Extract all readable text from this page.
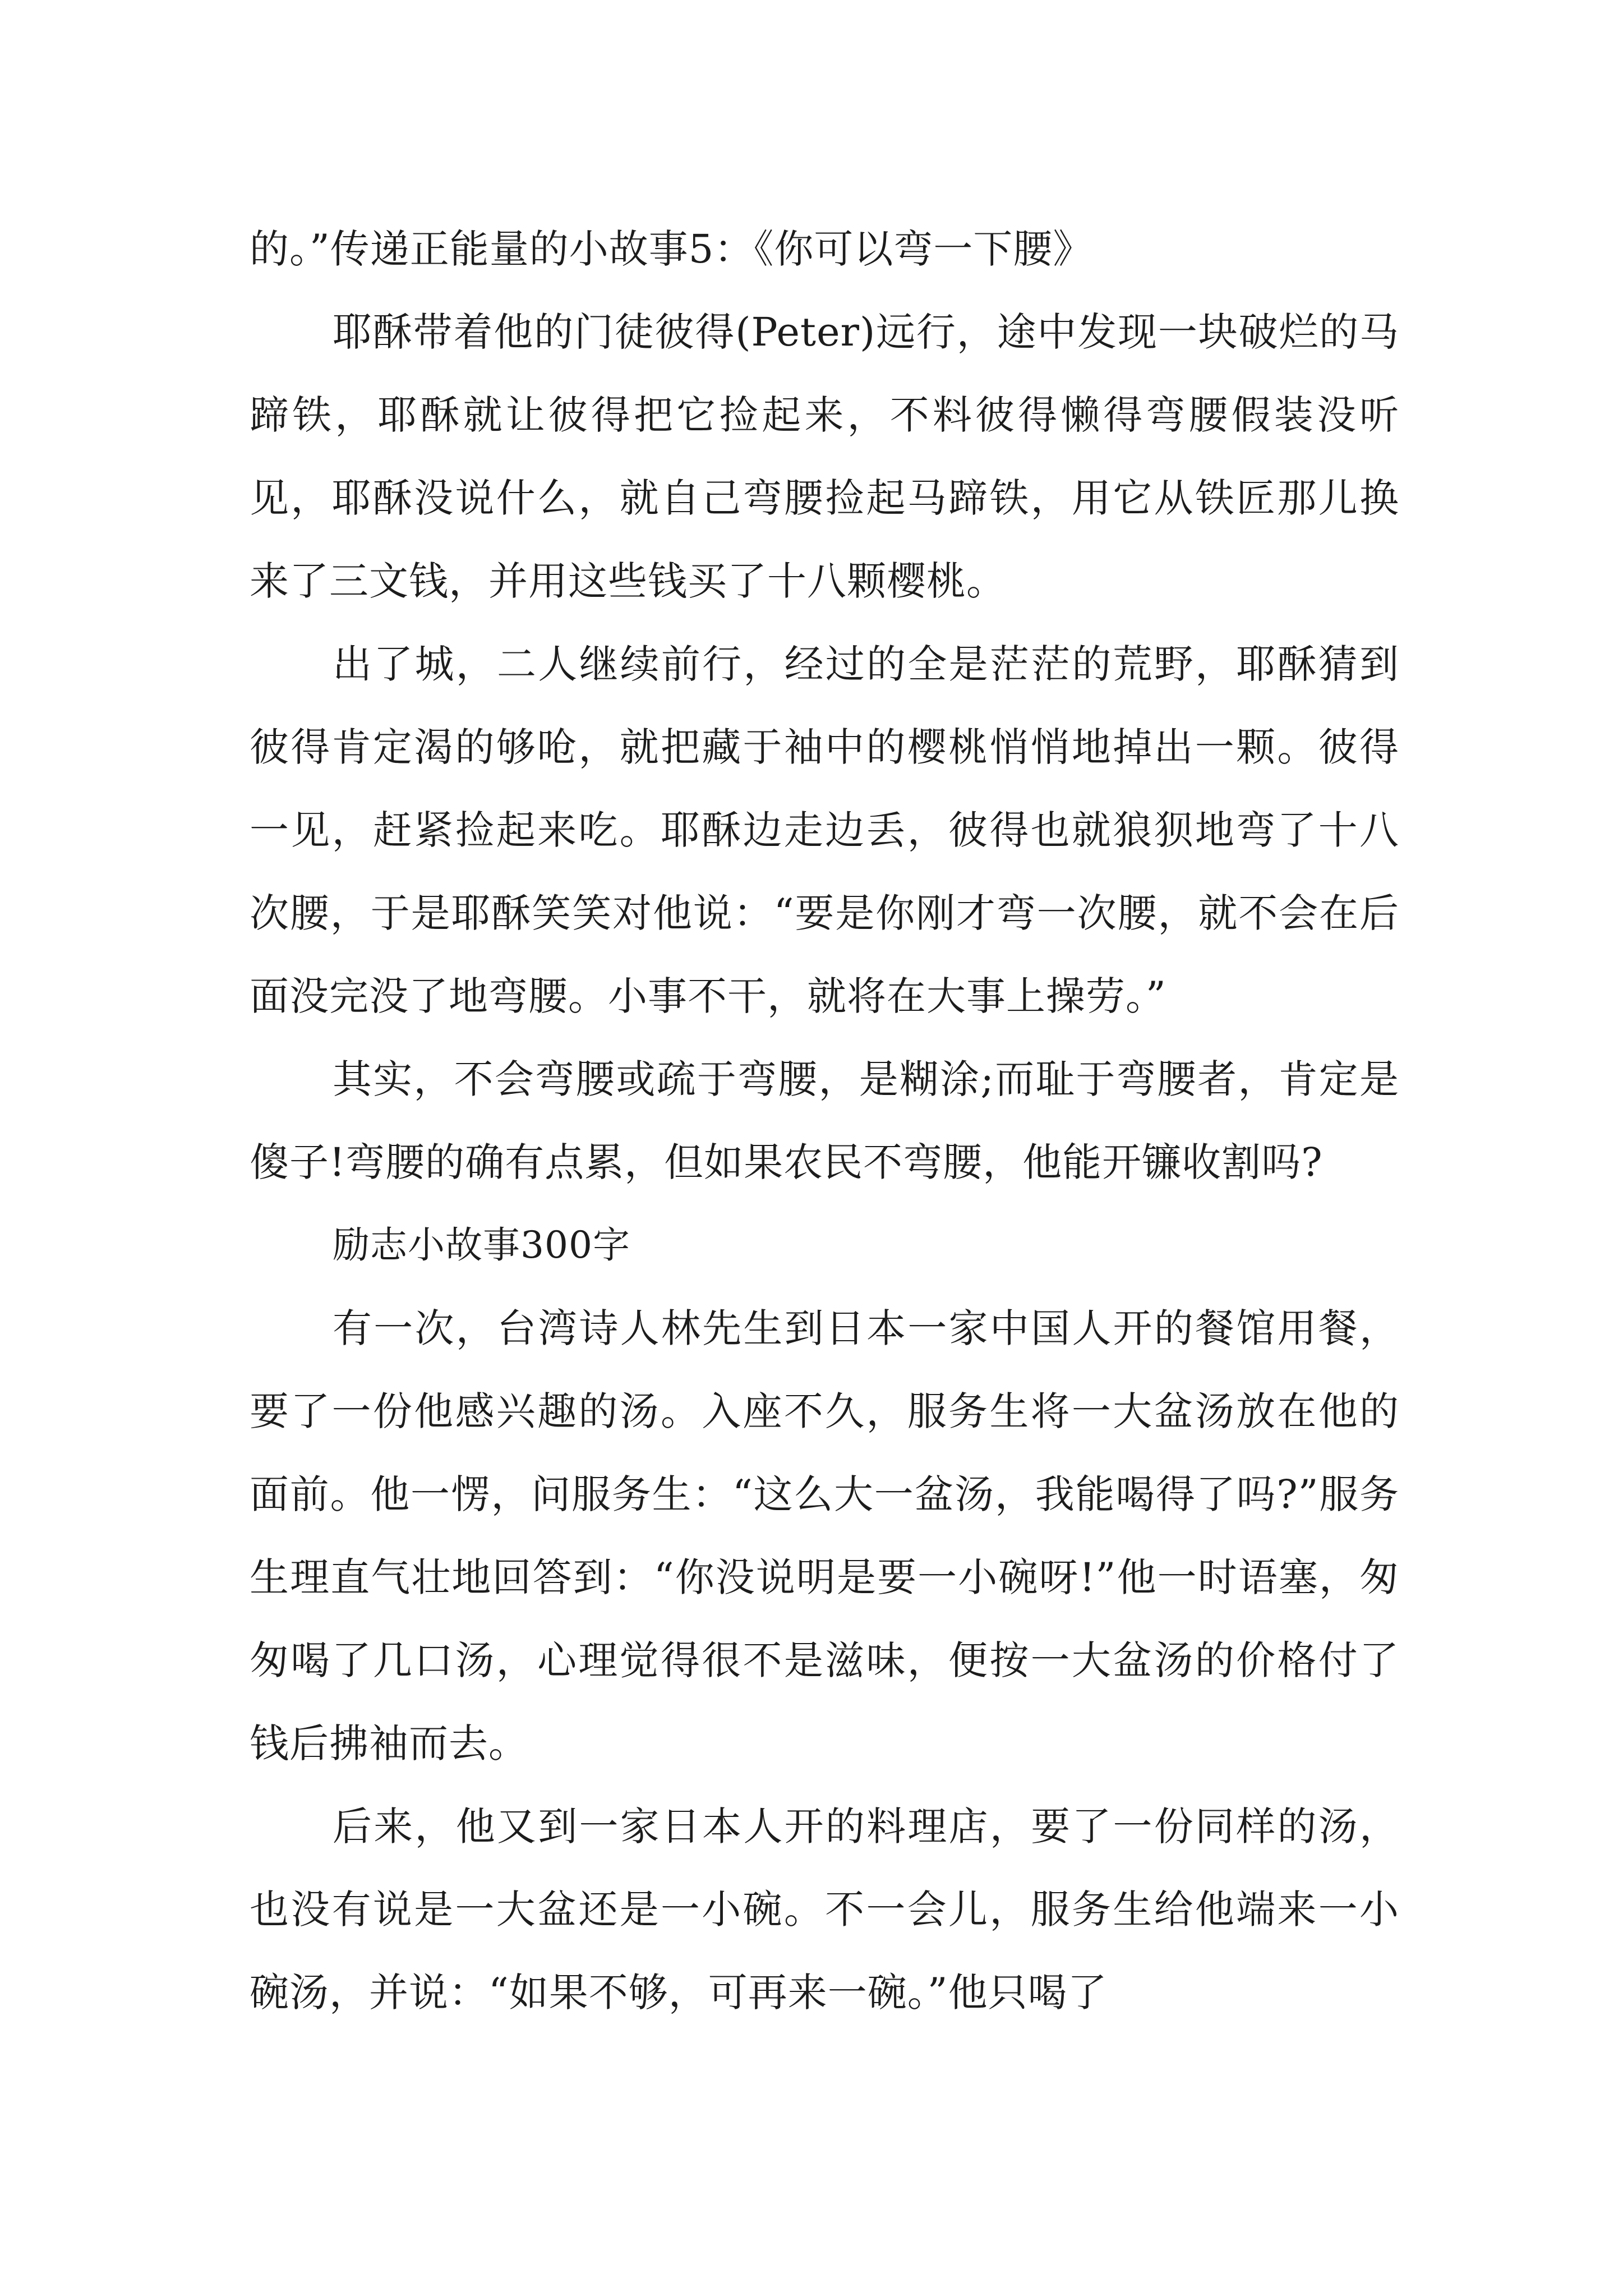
的。”传递正能量的小故事5：《你可以弯一下腰》

耶酥带着他的门徒彼得(Peter)远行，途中发现一块破烂的马蹄铁，耶酥就让彼得把它捡起来，不料彼得懒得弯腰假装没听见，耶酥没说什么，就自己弯腰捡起马蹄铁，用它从铁匠那儿换来了三文钱，并用这些钱买了十八颗樱桃。

出了城，二人继续前行，经过的全是茫茫的荒野，耶酥猜到彼得肯定渴的够呛，就把藏于袖中的樱桃悄悄地掉出一颗。彼得一见，赶紧捡起来吃。耶酥边走边丢，彼得也就狼狈地弯了十八次腰，于是耶酥笑笑对他说：“要是你刚才弯一次腰，就不会在后面没完没了地弯腰。小事不干，就将在大事上操劳。”

其实，不会弯腰或疏于弯腰，是糊涂;而耻于弯腰者，肯定是傻子!弯腰的确有点累，但如果农民不弯腰，他能开镰收割吗?

励志小故事300字

有一次，台湾诗人林先生到日本一家中国人开的餐馆用餐，要了一份他感兴趣的汤。入座不久，服务生将一大盆汤放在他的面前。他一愣，问服务生：“这么大一盆汤，我能喝得了吗?”服务生理直气壮地回答到：“你没说明是要一小碗呀!”他一时语塞，匆匆喝了几口汤，心理觉得很不是滋味，便按一大盆汤的价格付了钱后拂袖而去。

后来，他又到一家日本人开的料理店，要了一份同样的汤，也没有说是一大盆还是一小碗。不一会儿，服务生给他端来一小碗汤，并说：“如果不够，可再来一碗。”他只喝了
